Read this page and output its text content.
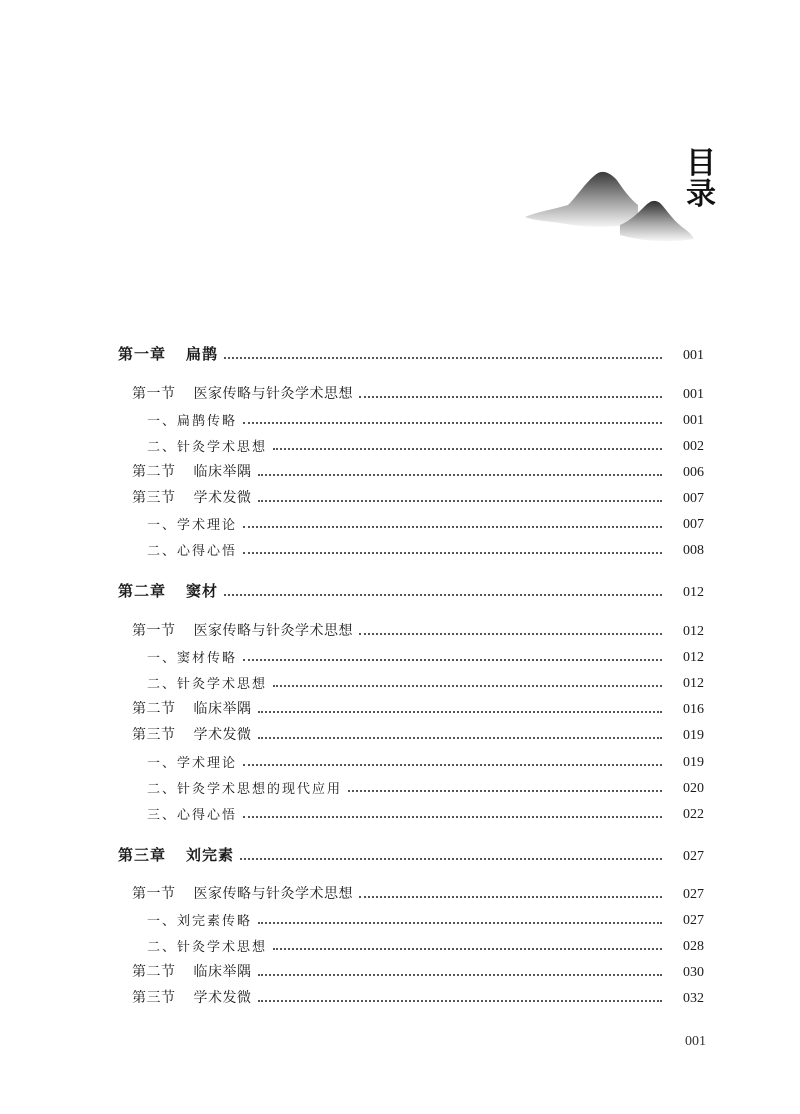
目
录
第一章 扁鹊	001
第一节 医家传略与针灸学术思想	001
一、扁鹊传略	001
二、针灸学术思想	002
第二节 临床举隅	006
第三节 学术发微	007
一、学术理论	007
二、心得心悟	008
第二章 窦材	012
第一节 医家传略与针灸学术思想	012
一、窦材传略	012
二、针灸学术思想	012
第二节 临床举隅	016
第三节 学术发微	019
一、学术理论	019
二、针灸学术思想的现代应用	020
三、心得心悟	022
第三章 刘完素	027
第一节 医家传略与针灸学术思想	027
一、刘完素传略	027
二、针灸学术思想	028
第二节 临床举隅	030
第三节 学术发微	032
001
